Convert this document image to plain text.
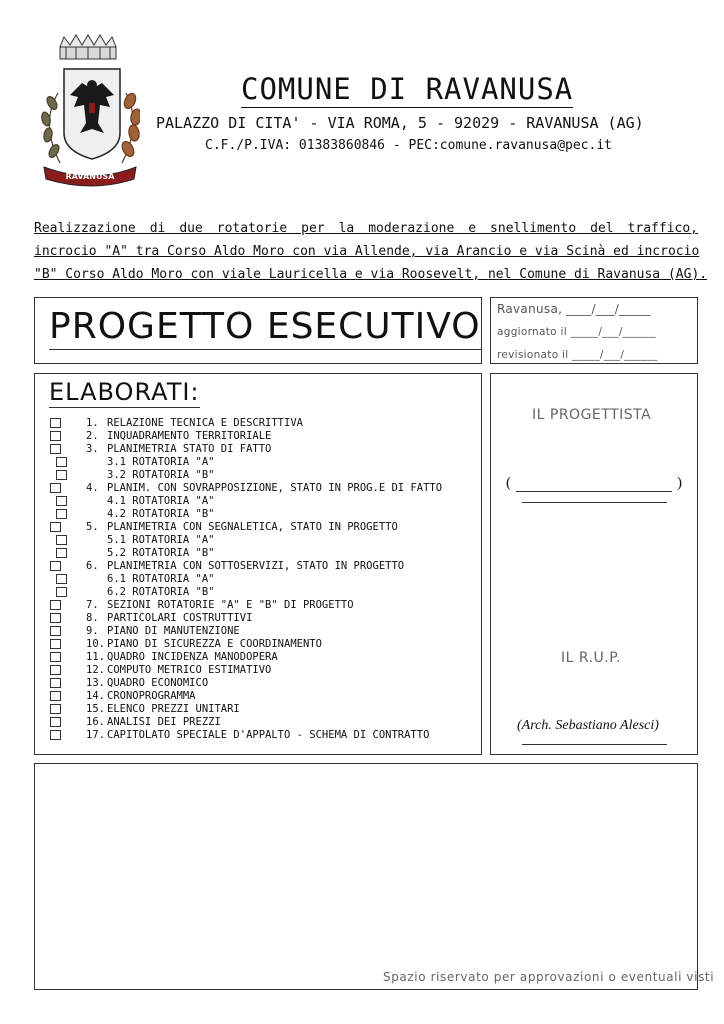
RAVANUSA
COMUNE DI RAVANUSA
PALAZZO DI CITA' - VIA ROMA, 5 - 92029 - RAVANUSA (AG)
C.F./P.IVA: 01383860846 - PEC:comune.ravanusa@pec.it
Realizzazione di due rotatorie per la moderazione e snellimento del traffico,
incrocio "A" tra Corso Aldo Moro con via Allende, via Arancio e via Scinà ed incrocio
"B" Corso Aldo Moro con viale Lauricella e via Roosevelt, nel Comune di Ravanusa (AG).
PROGETTO ESECUTIVO Ravanusa, ____/___/_____
aggiornato il _____/___/______
revisionato il _____/___/______
ELABORATI:
1. RELAZIONE TECNICA E DESCRITTIVA
2. INQUADRAMENTO TERRITORIALE
3. PLANIMETRIA STATO DI FATTO
3.1 ROTATORIA "A"
3.2 ROTATORIA "B"
4. PLANIM. CON SOVRAPPOSIZIONE, STATO IN PROG.E DI FATTO
4.1 ROTATORIA "A"
4.2 ROTATORIA "B"
5. PLANIMETRIA CON SEGNALETICA, STATO IN PROGETTO
5.1 ROTATORIA "A"
5.2 ROTATORIA "B"
6. PLANIMETRIA CON SOTTOSERVIZI, STATO IN PROGETTO
6.1 ROTATORIA "A"
6.2 ROTATORIA "B"
7. SEZIONI ROTATORIE "A" E "B" DI PROGETTO
8. PARTICOLARI COSTRUTTIVI
9. PIANO DI MANUTENZIONE
10. PIANO DI SICUREZZA E COORDINAMENTO
11. QUADRO INCIDENZA MANODOPERA
12. COMPUTO METRICO ESTIMATIVO
13. QUADRO ECONOMICO
14. CRONOPROGRAMMA
15. ELENCO PREZZI UNITARI
16. ANALISI DEI PREZZI
17. CAPITOLATO SPECIALE D'APPALTO - SCHEMA DI CONTRATTO
IL PROGETTISTA
(	)
IL R.U.P.
(Arch. Sebastiano Alesci)
Spazio riservato per approvazioni o eventuali visti
